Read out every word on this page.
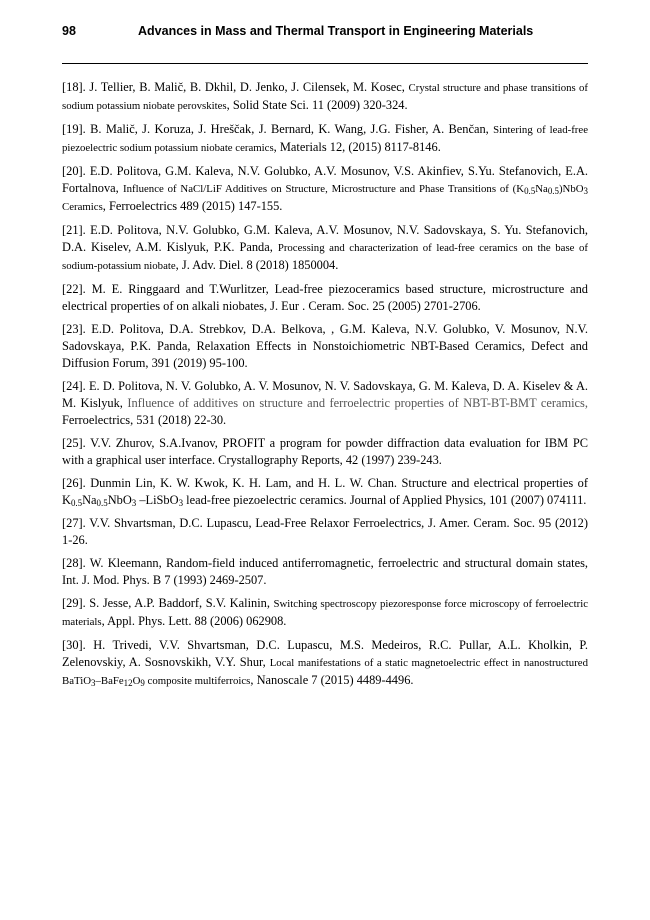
98	Advances in Mass and Thermal Transport in Engineering Materials

[18]. J. Tellier, B. Malič, B. Dkhil, D. Jenko, J. Cilensek, M. Kosec, Crystal structure and phase transitions of sodium potassium niobate perovskites, Solid State Sci. 11 (2009) 320-324.

[19]. B. Malič, J. Koruza, J. Hreščak, J. Bernard, K. Wang, J.G. Fisher, A. Benčan, Sintering of lead-free piezoelectric sodium potassium niobate ceramics, Materials 12, (2015) 8117-8146.

[20]. E.D. Politova, G.M. Kaleva, N.V. Golubko, A.V. Mosunov, V.S. Akinfiev, S.Yu. Stefanovich, E.A. Fortalnova, Influence of NaCl/LiF Additives on Structure, Microstructure and Phase Transitions of $(K_{0.5}Na_{0.5})NbO_3$ Ceramics, Ferroelectrics 489 (2015) 147-155.

[21]. E.D. Politova, N.V. Golubko, G.M. Kaleva, A.V. Mosunov, N.V. Sadovskaya, S. Yu. Stefanovich, D.A. Kiselev, A.M. Kislyuk, P.K. Panda, Processing and characterization of lead-free ceramics on the base of sodium-potassium niobate, J. Adv. Diel. 8 (2018) 1850004.

[22]. M. E. Ringgaard and T.Wurlitzer, Lead-free piezoceramics based structure, microstructure and electrical properties of on alkali niobates, J. Eur . Ceram. Soc. 25 (2005) 2701-2706.

[23]. E.D. Politova, D.A. Strebkov, D.A. Belkova, , G.M. Kaleva, N.V. Golubko, V. Mosunov, N.V. Sadovskaya, P.K. Panda, Relaxation Effects in Nonstoichiometric NBT-Based Ceramics, Defect and Diffusion Forum, 391 (2019) 95-100.

[24]. E. D. Politova, N. V. Golubko, A. V. Mosunov, N. V. Sadovskaya, G. M. Kaleva, D. A. Kiselev & A. M. Kislyuk, Influence of additives on structure and ferroelectric properties of NBT-BT-BMT ceramics, Ferroelectrics, 531 (2018) 22-30.

[25]. V.V. Zhurov, S.A.Ivanov, PROFIT a program for powder diffraction data evaluation for IBM PC with a graphical user interface. Crystallography Reports, 42 (1997) 239-243.

[26]. Dunmin Lin, K. W. Kwok, K. H. Lam, and H. L. W. Chan. Structure and electrical properties of $K_{0.5}Na_{0.5}NbO_3$ –LiSbO$_3$ lead-free piezoelectric ceramics. Journal of Applied Physics, 101 (2007) 074111.

[27]. V.V. Shvartsman, D.C. Lupascu, Lead-Free Relaxor Ferroelectrics, J. Amer. Ceram. Soc. 95 (2012) 1-26.

[28]. W. Kleemann, Random-field induced antiferromagnetic, ferroelectric and structural domain states, Int. J. Mod. Phys. B 7 (1993) 2469-2507.

[29]. S. Jesse, A.P. Baddorf, S.V. Kalinin, Switching spectroscopy piezoresponse force microscopy of ferroelectric materials, Appl. Phys. Lett. 88 (2006) 062908.

[30]. H. Trivedi, V.V. Shvartsman, D.C. Lupascu, M.S. Medeiros, R.C. Pullar, A.L. Kholkin, P. Zelenovskiy, A. Sosnovskikh, V.Y. Shur, Local manifestations of a static magnetoelectric effect in nanostructured $BaTiO_3-BaFe_{12}O_9$ composite multiferroics, Nanoscale 7 (2015) 4489-4496.
